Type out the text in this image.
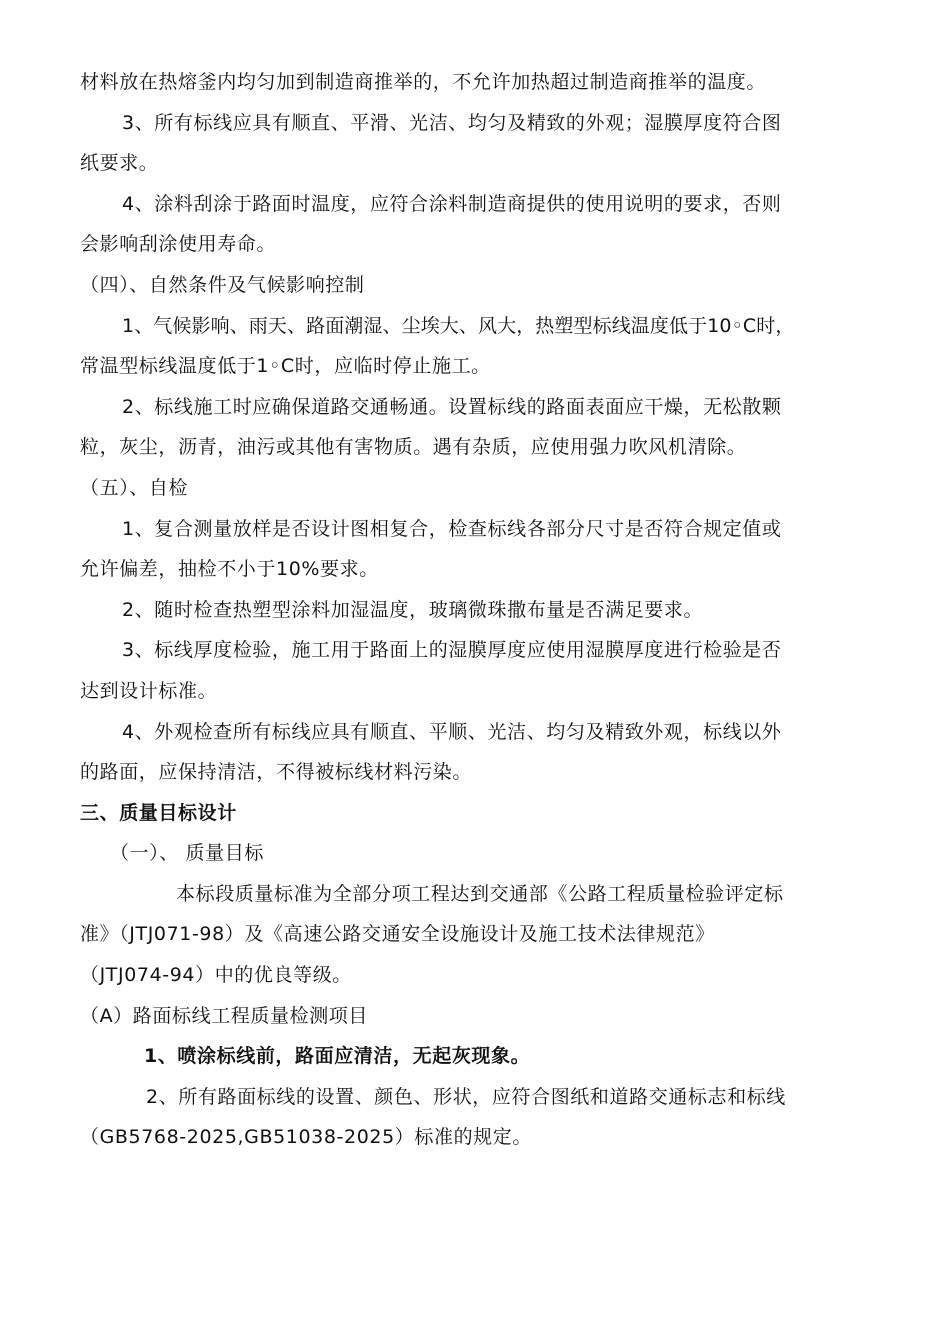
材料放在热熔釜内均匀加到制造商推举的，不允许加热超过制造商推举的温度。
3、所有标线应具有顺直、平滑、光洁、均匀及精致的外观；湿膜厚度符合图
纸要求。
4、涂料刮涂于路面时温度，应符合涂料制造商提供的使用说明的要求，否则
会影响刮涂使用寿命。
（四）、自然条件及气候影响控制
1、气候影响、雨天、路面潮湿、尘埃大、风大，热塑型标线温度低于10◦C时，
常温型标线温度低于1◦C时，应临时停止施工。
2、标线施工时应确保道路交通畅通。设置标线的路面表面应干燥，无松散颗
粒，灰尘，沥青，油污或其他有害物质。遇有杂质，应使用强力吹风机清除。
（五）、自检
1、复合测量放样是否设计图相复合，检查标线各部分尺寸是否符合规定值或
允许偏差，抽检不小于10%要求。
2、随时检查热塑型涂料加湿温度，玻璃微珠撒布量是否满足要求。
3、标线厚度检验，施工用于路面上的湿膜厚度应使用湿膜厚度进行检验是否
达到设计标准。
4、外观检查所有标线应具有顺直、平顺、光洁、均匀及精致外观，标线以外
的路面，应保持清洁，不得被标线材料污染。
三、质量目标设计
（一）、 质量目标
本标段质量标准为全部分项工程达到交通部《公路工程质量检验评定标
准》（JTJ071-98）及《高速公路交通安全设施设计及施工技术法律规范》
（JTJ074-94）中的优良等级。
（A）路面标线工程质量检测项目
1、喷涂标线前，路面应清洁，无起灰现象。
2、所有路面标线的设置、颜色、形状，应符合图纸和道路交通标志和标线
（GB5768-2025,GB51038-2025）标准的规定。
